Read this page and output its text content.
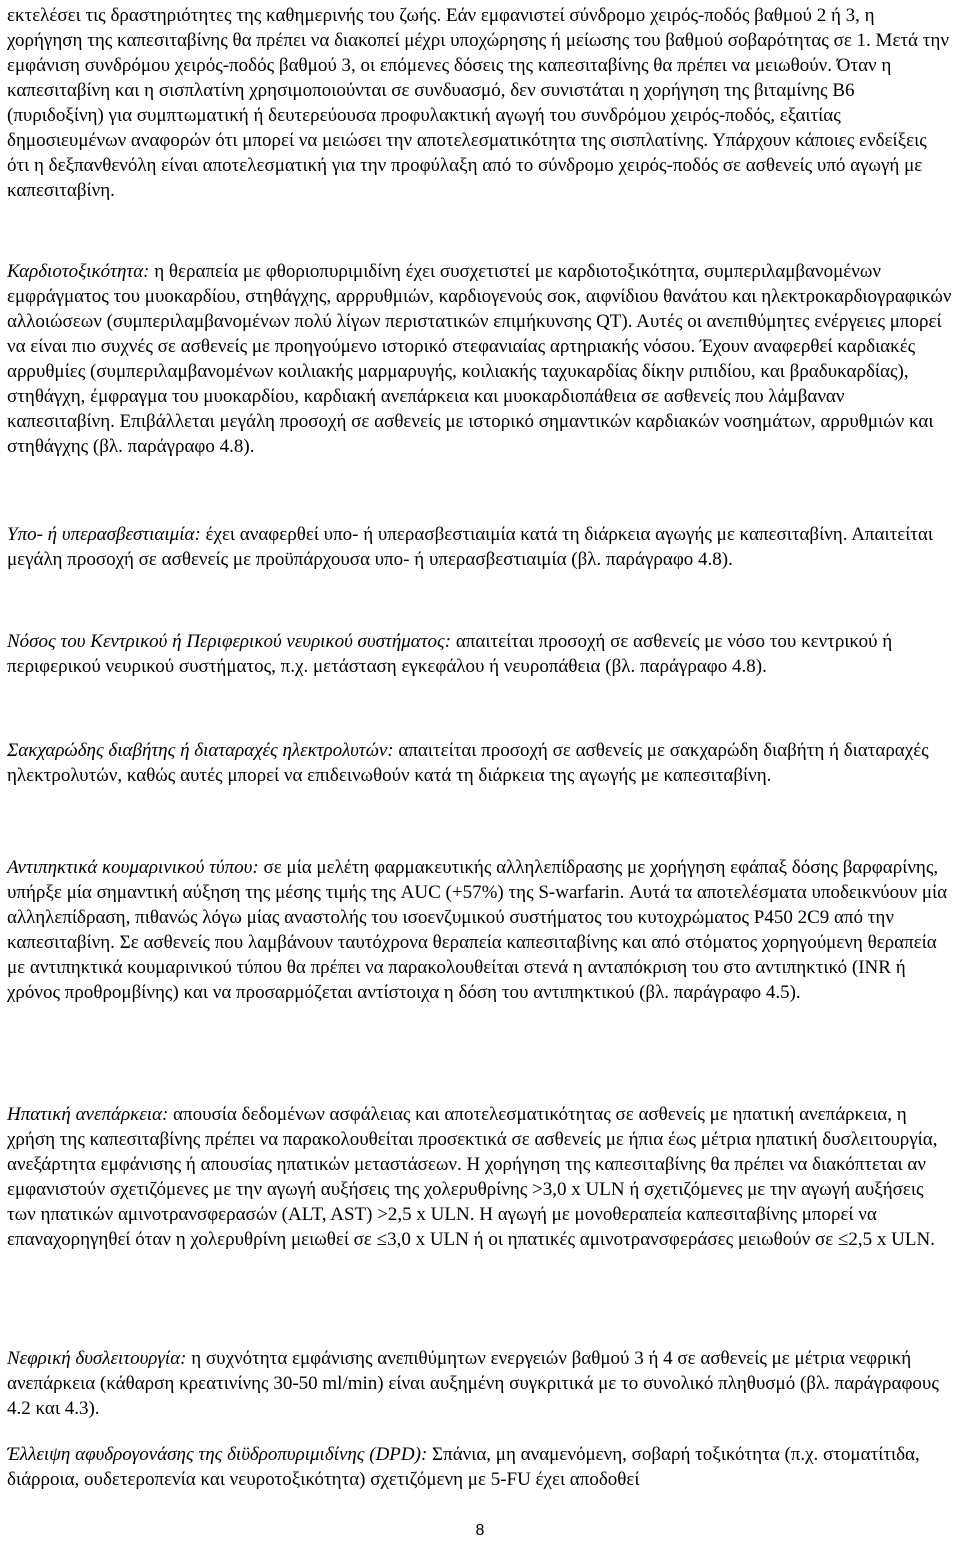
εκτελέσει τις δραστηριότητες της καθημερινής του ζωής. Εάν εμφανιστεί σύνδρομο χειρός-ποδός βαθμού 2 ή 3, η χορήγηση της καπεσιταβίνης θα πρέπει να διακοπεί μέχρι υποχώρησης ή μείωσης του βαθμού σοβαρότητας σε 1. Μετά την εμφάνιση συνδρόμου χειρός-ποδός βαθμού 3, οι επόμενες δόσεις της καπεσιταβίνης θα πρέπει να μειωθούν. Όταν η καπεσιταβίνη και η σισπλατίνη χρησιμοποιούνται σε συνδυασμό, δεν συνιστάται η χορήγηση της βιταμίνης B6 (πυριδοξίνη) για συμπτωματική ή δευτερεύουσα προφυλακτική αγωγή του συνδρόμου χειρός-ποδός, εξαιτίας δημοσιευμένων αναφορών ότι μπορεί να μειώσει την αποτελεσματικότητα της σισπλατίνης. Υπάρχουν κάποιες ενδείξεις ότι η δεξπανθενόλη είναι αποτελεσματική για την προφύλαξη από το σύνδρομο χειρός-ποδός σε ασθενείς υπό αγωγή με καπεσιταβίνη.

Καρδιοτοξικότητα: η θεραπεία με φθοριοπυριμιδίνη έχει συσχετιστεί με καρδιοτοξικότητα, συμπεριλαμβανομένων εμφράγματος του μυοκαρδίου, στηθάγχης, αρρρυθμιών, καρδιογενούς σοκ, αιφνίδιου θανάτου και ηλεκτροκαρδιογραφικών αλλοιώσεων (συμπεριλαμβανομένων πολύ λίγων περιστατικών επιμήκυνσης QT). Αυτές οι ανεπιθύμητες ενέργειες μπορεί να είναι πιο συχνές σε ασθενείς με προηγούμενο ιστορικό στεφανιαίας αρτηριακής νόσου. Έχουν αναφερθεί καρδιακές αρρυθμίες (συμπεριλαμβανομένων κοιλιακής μαρμαρυγής, κοιλιακής ταχυκαρδίας δίκην ριπιδίου, και βραδυκαρδίας), στηθάγχη, έμφραγμα του μυοκαρδίου, καρδιακή ανεπάρκεια και μυοκαρδιοπάθεια σε ασθενείς που λάμβαναν καπεσιταβίνη. Επιβάλλεται μεγάλη προσοχή σε ασθενείς με ιστορικό σημαντικών καρδιακών νοσημάτων, αρρυθμιών και στηθάγχης (βλ. παράγραφο 4.8).

Υπο- ή υπερασβεστιαιμία: έχει αναφερθεί υπο- ή υπερασβεστιαιμία κατά τη διάρκεια αγωγής με καπεσιταβίνη. Απαιτείται μεγάλη προσοχή σε ασθενείς με προϋπάρχουσα υπο- ή υπερασβεστιαιμία (βλ. παράγραφο 4.8).

Νόσος του Κεντρικού ή Περιφερικού νευρικού συστήματος: απαιτείται προσοχή σε ασθενείς με νόσο του κεντρικού ή περιφερικού νευρικού συστήματος, π.χ. μετάσταση εγκεφάλου ή νευροπάθεια (βλ. παράγραφο 4.8).

Σακχαρώδης διαβήτης ή διαταραχές ηλεκτρολυτών: απαιτείται προσοχή σε ασθενείς με σακχαρώδη διαβήτη ή διαταραχές ηλεκτρολυτών, καθώς αυτές μπορεί να επιδεινωθούν κατά τη διάρκεια της αγωγής με καπεσιταβίνη.

Αντιπηκτικά κουμαρινικού τύπου: σε μία μελέτη φαρμακευτικής αλληλεπίδρασης με χορήγηση εφάπαξ δόσης βαρφαρίνης, υπήρξε μία σημαντική αύξηση της μέσης τιμής της AUC (+57%) της S-warfarin. Αυτά τα αποτελέσματα υποδεικνύουν μία αλληλεπίδραση, πιθανώς λόγω μίας αναστολής του ισοενζυμικού συστήματος του κυτοχρώματος P450 2C9 από την καπεσιταβίνη. Σε ασθενείς που λαμβάνουν ταυτόχρονα θεραπεία καπεσιταβίνης και από στόματος χορηγούμενη θεραπεία με αντιπηκτικά κουμαρινικού τύπου θα πρέπει να παρακολουθείται στενά η ανταπόκριση του στο αντιπηκτικό (INR ή χρόνος προθρομβίνης) και να προσαρμόζεται αντίστοιχα η δόση του αντιπηκτικού (βλ. παράγραφο 4.5).

Ηπατική ανεπάρκεια: απουσία δεδομένων ασφάλειας και αποτελεσματικότητας σε ασθενείς με ηπατική ανεπάρκεια, η χρήση της καπεσιταβίνης πρέπει να παρακολουθείται προσεκτικά σε ασθενείς με ήπια έως μέτρια ηπατική δυσλειτουργία, ανεξάρτητα εμφάνισης ή απουσίας ηπατικών μεταστάσεων. Η χορήγηση της καπεσιταβίνης θα πρέπει να διακόπτεται αν εμφανιστούν σχετιζόμενες με την αγωγή αυξήσεις της χολερυθρίνης >3,0 x ULN ή σχετιζόμενες με την αγωγή αυξήσεις των ηπατικών αμινοτρανσφερασών (ALT, AST) >2,5 x ULN. Η αγωγή με μονοθεραπεία καπεσιταβίνης μπορεί να επαναχορηγηθεί όταν η χολερυθρίνη μειωθεί σε ≤3,0 x ULN ή οι ηπατικές αμινοτρανσφεράσες μειωθούν σε ≤2,5 x ULN.

Νεφρική δυσλειτουργία: η συχνότητα εμφάνισης ανεπιθύμητων ενεργειών βαθμού 3 ή 4 σε ασθενείς με μέτρια νεφρική ανεπάρκεια (κάθαρση κρεατινίνης 30-50 ml/min) είναι αυξημένη συγκριτικά με το συνολικό πληθυσμό (βλ. παράγραφους 4.2 και 4.3).

Έλλειψη αφυδρογονάσης της διϋδροπυριμιδίνης (DPD): Σπάνια, μη αναμενόμενη, σοβαρή τοξικότητα (π.χ. στοματίτιδα, διάρροια, ουδετεροπενία και νευροτοξικότητα) σχετιζόμενη με 5-FU έχει αποδοθεί

8
